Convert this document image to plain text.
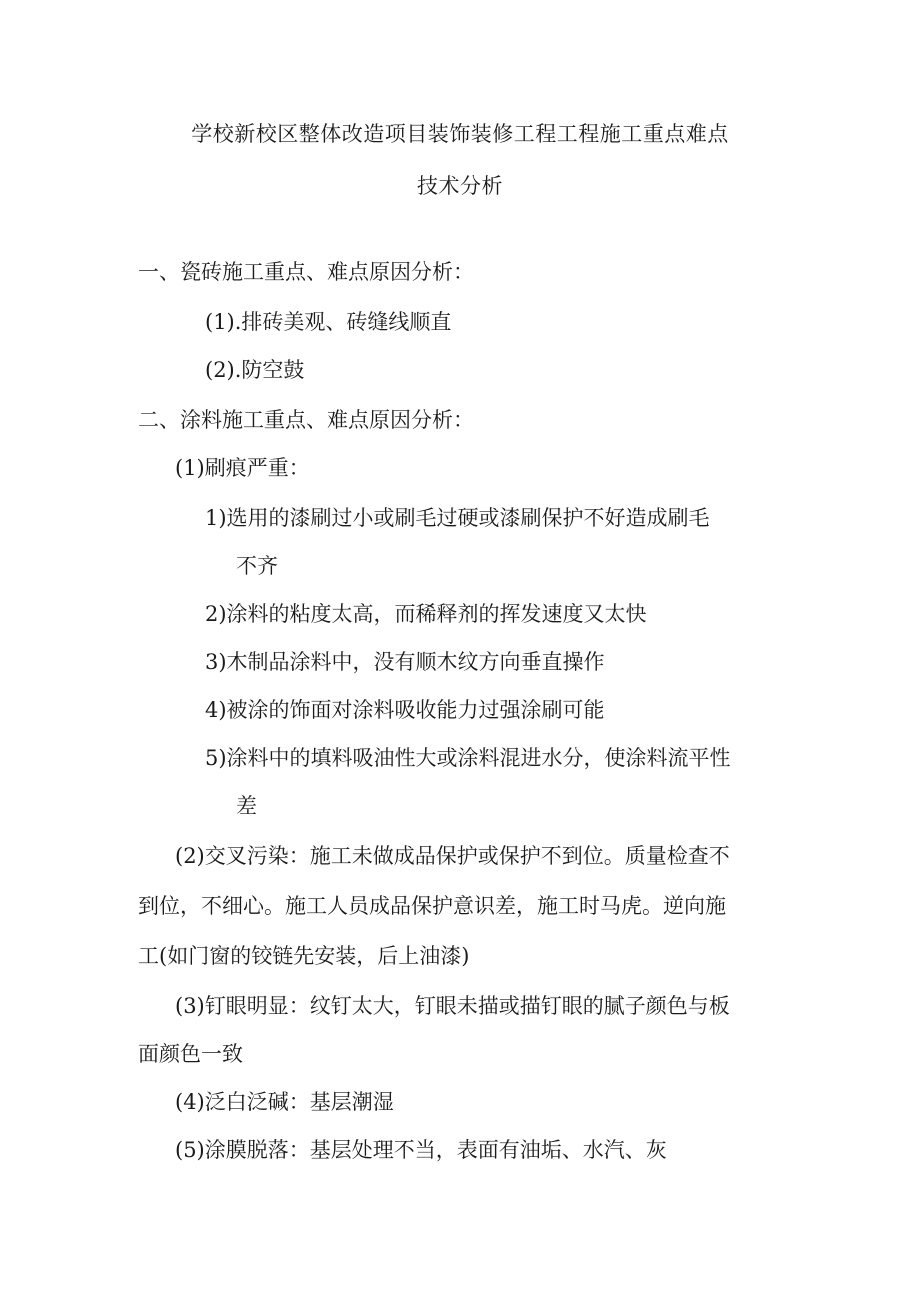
学校新校区整体改造项目装饰装修工程工程施工重点难点
技术分析
一、瓷砖施工重点、难点原因分析：
(1).排砖美观、砖缝线顺直
(2).防空鼓
二、涂料施工重点、难点原因分析：
(1)刷痕严重：
1)选用的漆刷过小或刷毛过硬或漆刷保护不好造成刷毛
不齐
2)涂料的粘度太高，而稀释剂的挥发速度又太快
3)木制品涂料中，没有顺木纹方向垂直操作
4)被涂的饰面对涂料吸收能力过强涂刷可能
5)涂料中的填料吸油性大或涂料混进水分，使涂料流平性
差
(2)交叉污染：施工未做成品保护或保护不到位。质量检查不
到位，不细心。施工人员成品保护意识差，施工时马虎。逆向施
工(如门窗的铰链先安装，后上油漆)
(3)钉眼明显：纹钉太大，钉眼未描或描钉眼的腻子颜色与板
面颜色一致
(4)泛白泛碱：基层潮湿
(5)涂膜脱落：基层处理不当，表面有油垢、水汽、灰
